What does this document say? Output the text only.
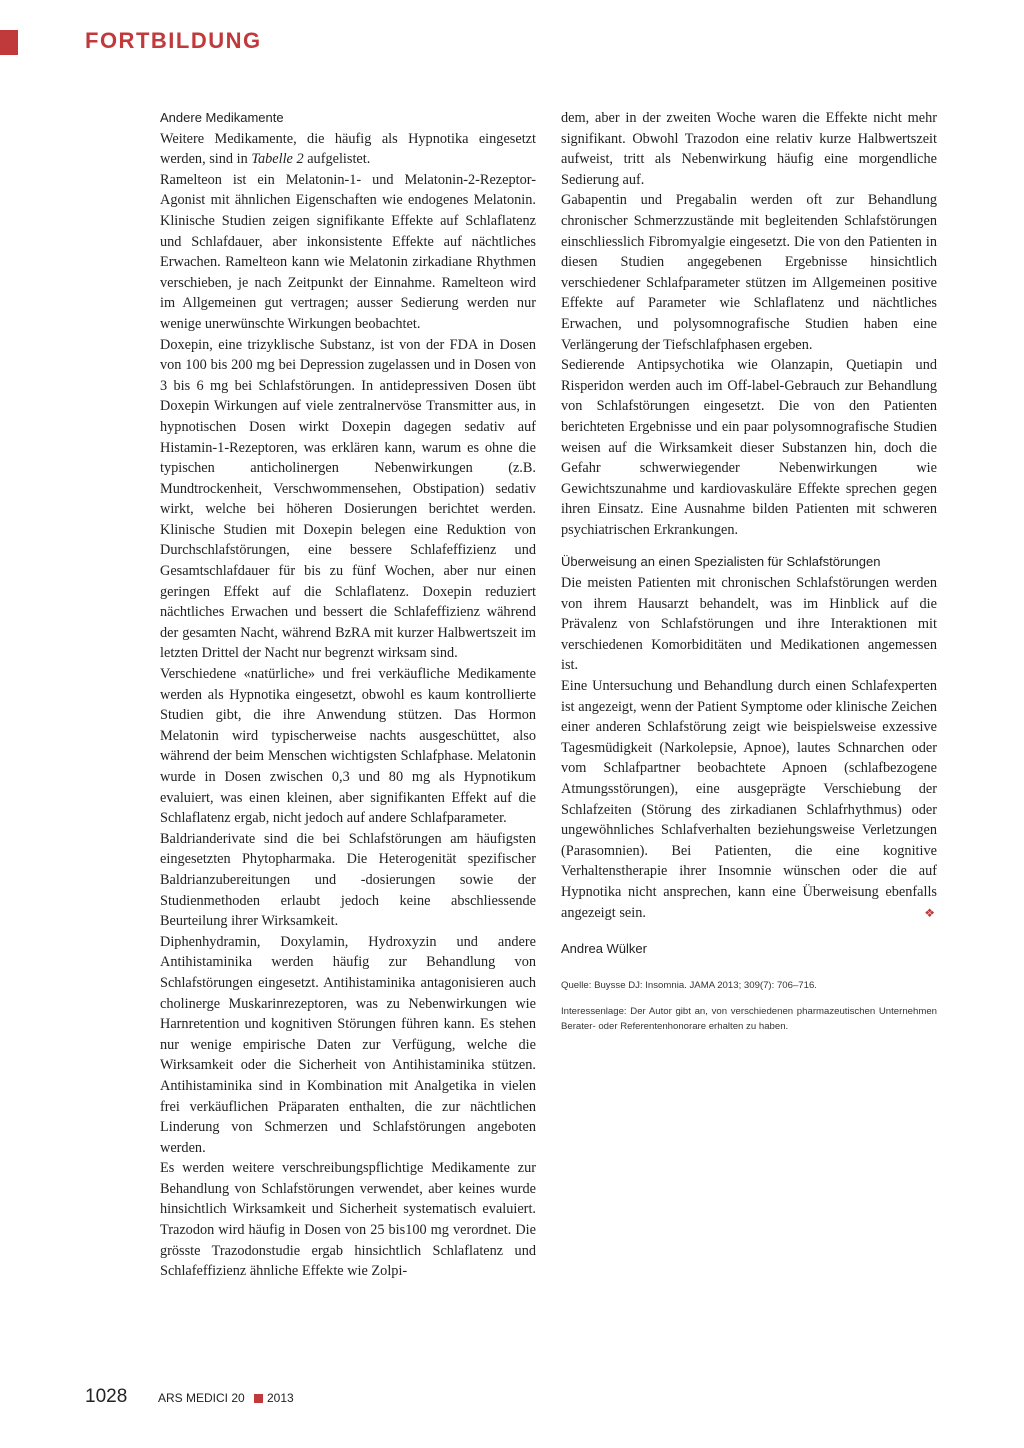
FORTBILDUNG

Andere Medikamente

Weitere Medikamente, die häufig als Hypnotika eingesetzt werden, sind in Tabelle 2 aufgelistet.

Ramelteon ist ein Melatonin-1- und Melatonin-2-Rezeptor-Agonist mit ähnlichen Eigenschaften wie endogenes Melatonin. Klinische Studien zeigen signifikante Effekte auf Schlaflatenz und Schlafdauer, aber inkonsistente Effekte auf nächtliches Erwachen. Ramelteon kann wie Melatonin zirkadiane Rhythmen verschieben, je nach Zeitpunkt der Einnahme. Ramelteon wird im Allgemeinen gut vertragen; ausser Sedierung werden nur wenige unerwünschte Wirkungen beobachtet.

Doxepin, eine trizyklische Substanz, ist von der FDA in Dosen von 100 bis 200 mg bei Depression zugelassen und in Dosen von 3 bis 6 mg bei Schlafstörungen. In antidepressiven Dosen übt Doxepin Wirkungen auf viele zentralnervöse Transmitter aus, in hypnotischen Dosen wirkt Doxepin dagegen sedativ auf Histamin-1-Rezeptoren, was erklären kann, warum es ohne die typischen anticholinergen Nebenwirkungen (z.B. Mundtrockenheit, Verschwommensehen, Obstipation) sedativ wirkt, welche bei höheren Dosierungen berichtet werden. Klinische Studien mit Doxepin belegen eine Reduktion von Durchschlafstörungen, eine bessere Schlafeffizienz und Gesamtschlafdauer für bis zu fünf Wochen, aber nur einen geringen Effekt auf die Schlaflatenz. Doxepin reduziert nächtliches Erwachen und bessert die Schlafeffizienz während der gesamten Nacht, während BzRA mit kurzer Halbwertszeit im letzten Drittel der Nacht nur begrenzt wirksam sind.

Verschiedene «natürliche» und frei verkäufliche Medikamente werden als Hypnotika eingesetzt, obwohl es kaum kontrollierte Studien gibt, die ihre Anwendung stützen. Das Hormon Melatonin wird typischerweise nachts ausgeschüttet, also während der beim Menschen wichtigsten Schlafphase. Melatonin wurde in Dosen zwischen 0,3 und 80 mg als Hypnotikum evaluiert, was einen kleinen, aber signifikanten Effekt auf die Schlaflatenz ergab, nicht jedoch auf andere Schlafparameter.

Baldrianderivate sind die bei Schlafstörungen am häufigsten eingesetzten Phytopharmaka. Die Heterogenität spezifischer Baldrianzubereitungen und -dosierungen sowie der Studienmethoden erlaubt jedoch keine abschliessende Beurteilung ihrer Wirksamkeit.

Diphenhydramin, Doxylamin, Hydroxyzin und andere Antihistaminika werden häufig zur Behandlung von Schlafstörungen eingesetzt. Antihistaminika antagonisieren auch cholinerge Muskarinrezeptoren, was zu Nebenwirkungen wie Harnretention und kognitiven Störungen führen kann. Es stehen nur wenige empirische Daten zur Verfügung, welche die Wirksamkeit oder die Sicherheit von Antihistaminika stützen. Antihistaminika sind in Kombination mit Analgetika in vielen frei verkäuflichen Präparaten enthalten, die zur nächtlichen Linderung von Schmerzen und Schlafstörungen angeboten werden.

Es werden weitere verschreibungspflichtige Medikamente zur Behandlung von Schlafstörungen verwendet, aber keines wurde hinsichtlich Wirksamkeit und Sicherheit systematisch evaluiert. Trazodon wird häufig in Dosen von 25 bis100 mg verordnet. Die grösste Trazodonstudie ergab hinsichtlich Schlaflatenz und Schlafeffizienz ähnliche Effekte wie Zolpi-

dem, aber in der zweiten Woche waren die Effekte nicht mehr signifikant. Obwohl Trazodon eine relativ kurze Halbwertszeit aufweist, tritt als Nebenwirkung häufig eine morgendliche Sedierung auf.

Gabapentin und Pregabalin werden oft zur Behandlung chronischer Schmerzzustände mit begleitenden Schlafstörungen einschliesslich Fibromyalgie eingesetzt. Die von den Patienten in diesen Studien angegebenen Ergebnisse hinsichtlich verschiedener Schlafparameter stützen im Allgemeinen positive Effekte auf Parameter wie Schlaflatenz und nächtliches Erwachen, und polysomnografische Studien haben eine Verlängerung der Tiefschlafphasen ergeben.

Sedierende Antipsychotika wie Olanzapin, Quetiapin und Risperidon werden auch im Off-label-Gebrauch zur Behandlung von Schlafstörungen eingesetzt. Die von den Patienten berichteten Ergebnisse und ein paar polysomnografische Studien weisen auf die Wirksamkeit dieser Substanzen hin, doch die Gefahr schwerwiegender Nebenwirkungen wie Gewichtszunahme und kardiovaskuläre Effekte sprechen gegen ihren Einsatz. Eine Ausnahme bilden Patienten mit schweren psychiatrischen Erkrankungen.

Überweisung an einen Spezialisten für Schlafstörungen

Die meisten Patienten mit chronischen Schlafstörungen werden von ihrem Hausarzt behandelt, was im Hinblick auf die Prävalenz von Schlafstörungen und ihre Interaktionen mit verschiedenen Komorbiditäten und Medikationen angemessen ist.

Eine Untersuchung und Behandlung durch einen Schlafexperten ist angezeigt, wenn der Patient Symptome oder klinische Zeichen einer anderen Schlafstörung zeigt wie beispielsweise exzessive Tagesmüdigkeit (Narkolepsie, Apnoe), lautes Schnarchen oder vom Schlafpartner beobachtete Apnoen (schlafbezogene Atmungsstörungen), eine ausgeprägte Verschiebung der Schlafzeiten (Störung des zirkadianen Schlafrhythmus) oder ungewöhnliches Schlafverhalten beziehungsweise Verletzungen (Parasomnien). Bei Patienten, die eine kognitive Verhaltenstherapie ihrer Insomnie wünschen oder die auf Hypnotika nicht ansprechen, kann eine Überweisung ebenfalls angezeigt sein.	❖

Andrea Wülker

Quelle: Buysse DJ: Insomnia. JAMA 2013; 309(7): 706–716.

Interessenlage: Der Autor gibt an, von verschiedenen pharmazeutischen Unternehmen Berater- oder Referentenhonorare erhalten zu haben.

1028	ARS MEDICI 20 2013
